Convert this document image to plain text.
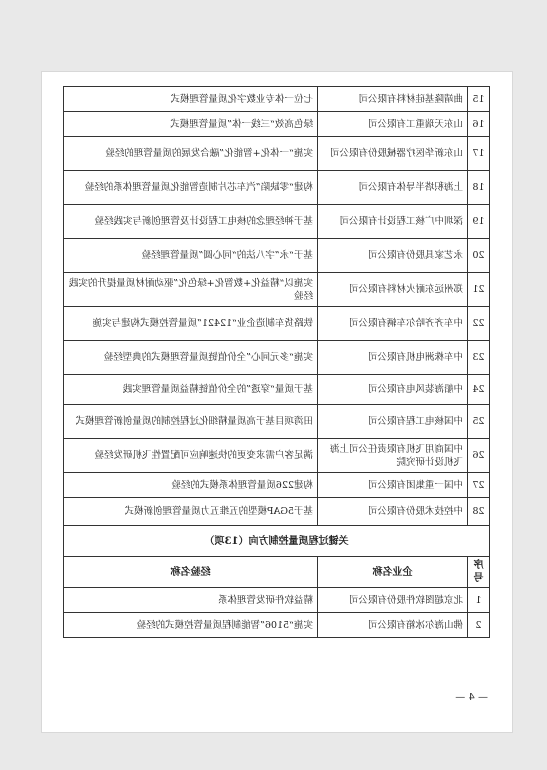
15	曲靖隆基硅材料有限公司	七位一体专业数字化质量管理模式
16	山东天瑞重工有限公司	绿色高效“三线一体”质量管理模式
17	山东新华医疗器械股份有限公司	实施“一体化+智能化”融合发展的质量管理的经验
18	上海积塔半导体有限公司	构建“零缺陷”汽车芯片制造智能化质量管理体系的经验
19	深圳中广核工程设计有限公司	基于神经理念的核电工程设计及管理创新与实践经验
20	永艺家具股份有限公司	基于“永”字八法的“同心圆”质量管理经验
21	郑州远东耐火材料有限公司	实施以“精益化+数智化+绿色化”驱动耐材质量提升的实践经验
22	中车齐齐哈尔车辆有限公司	铁路货车制造企业“12421”质量管控模式构建与实施
23	中车株洲电机有限公司	实施“多元同心”全价值链质量管理模式的典型经验
24	中船海装风电有限公司	基于质量“穿透”的全价值链精益质量管理实践
25	中国核电工程有限公司	田湾项目基于高质量精细化过程控制的质量创新管理模式
26	中国商用飞机有限责任公司上海飞机设计研究院	满足客户需求变更的快速响应可配置性飞机研发经验
27	中国一重集团有限公司	构建226质量管理体系模式的经验
28	中控技术股份有限公司	基于5GAP模型的五维五力质量管理创新模式
关键过程质量控制方向（13项）		
序号	企业名称	经验名称
1	北京超图软件股份有限公司	精益软件研发管理体系
2	佛山海尔冰箱有限公司	实施“5106”智能制程质量管控模式的经验
— 4 —
